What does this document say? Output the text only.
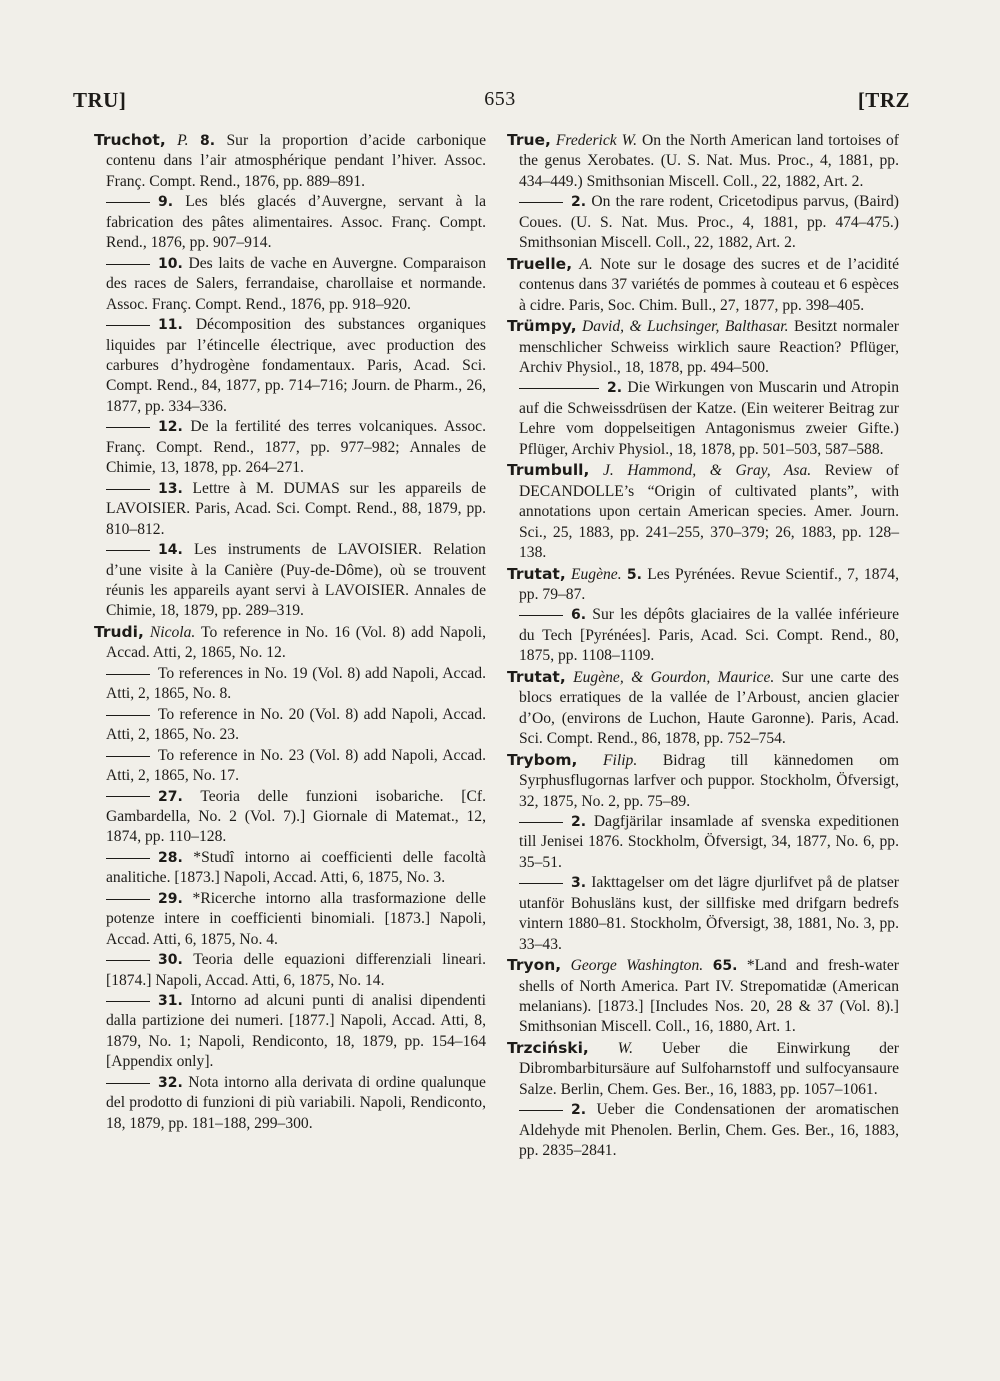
TRU]	653	[TRZ

Truchot, P. 8. Sur la proportion d’acide carbonique contenu dans l’air atmosphérique pendant l’hiver. Assoc. Franç. Compt. Rend., 1876, pp. 889–891.

9. Les blés glacés d’Auvergne, servant à la fabrication des pâtes alimentaires. Assoc. Franç. Compt. Rend., 1876, pp. 907–914.

10. Des laits de vache en Auvergne. Comparaison des races de Salers, ferrandaise, charollaise et normande. Assoc. Franç. Compt. Rend., 1876, pp. 918–920.

11. Décomposition des substances organiques liquides par l’étincelle électrique, avec production des carbures d’hydrogène fondamentaux. Paris, Acad. Sci. Compt. Rend., 84, 1877, pp. 714–716; Journ. de Pharm., 26, 1877, pp. 334–336.

12. De la fertilité des terres volcaniques. Assoc. Franç. Compt. Rend., 1877, pp. 977–982; Annales de Chimie, 13, 1878, pp. 264–271.

13. Lettre à M. DUMAS sur les appareils de LAVOISIER. Paris, Acad. Sci. Compt. Rend., 88, 1879, pp. 810–812.

14. Les instruments de LAVOISIER. Relation d’une visite à la Canière (Puy-de-Dôme), où se trouvent réunis les appareils ayant servi à LAVOISIER. Annales de Chimie, 18, 1879, pp. 289–319.

Trudi, Nicola. To reference in No. 16 (Vol. 8) add Napoli, Accad. Atti, 2, 1865, No. 12.

To references in No. 19 (Vol. 8) add Napoli, Accad. Atti, 2, 1865, No. 8.

To reference in No. 20 (Vol. 8) add Napoli, Accad. Atti, 2, 1865, No. 23.

To reference in No. 23 (Vol. 8) add Napoli, Accad. Atti, 2, 1865, No. 17.

27. Teoria delle funzioni isobariche. [Cf. Gambardella, No. 2 (Vol. 7).] Giornale di Matemat., 12, 1874, pp. 110–128.

28. *Studî intorno ai coefficienti delle facoltà analitiche. [1873.] Napoli, Accad. Atti, 6, 1875, No. 3.

29. *Ricerche intorno alla trasformazione delle potenze intere in coefficienti binomiali. [1873.] Napoli, Accad. Atti, 6, 1875, No. 4.

30. Teoria delle equazioni differenziali lineari. [1874.] Napoli, Accad. Atti, 6, 1875, No. 14.

31. Intorno ad alcuni punti di analisi dipendenti dalla partizione dei numeri. [1877.] Napoli, Accad. Atti, 8, 1879, No. 1; Napoli, Rendiconto, 18, 1879, pp. 154–164 [Appendix only].

32. Nota intorno alla derivata di ordine qualunque del prodotto di funzioni di più variabili. Napoli, Rendiconto, 18, 1879, pp. 181–188, 299–300.

True, Frederick W. On the North American land tortoises of the genus Xerobates. (U. S. Nat. Mus. Proc., 4, 1881, pp. 434–449.) Smithsonian Miscell. Coll., 22, 1882, Art. 2.

2. On the rare rodent, Cricetodipus parvus, (Baird) Coues. (U. S. Nat. Mus. Proc., 4, 1881, pp. 474–475.) Smithsonian Miscell. Coll., 22, 1882, Art. 2.

Truelle, A. Note sur le dosage des sucres et de l’acidité contenus dans 37 variétés de pommes à couteau et 6 espèces à cidre. Paris, Soc. Chim. Bull., 27, 1877, pp. 398–405.

Trümpy, David, & Luchsinger, Balthasar. Besitzt normaler menschlicher Schweiss wirklich saure Reaction? Pflüger, Archiv Physiol., 18, 1878, pp. 494–500.

2. Die Wirkungen von Muscarin und Atropin auf die Schweissdrüsen der Katze. (Ein weiterer Beitrag zur Lehre vom doppelseitigen Antagonismus zweier Gifte.) Pflüger, Archiv Physiol., 18, 1878, pp. 501–503, 587–588.

Trumbull, J. Hammond, & Gray, Asa. Review of DECANDOLLE’s “Origin of cultivated plants”, with annotations upon certain American species. Amer. Journ. Sci., 25, 1883, pp. 241–255, 370–379; 26, 1883, pp. 128–138.

Trutat, Eugène. 5. Les Pyrénées. Revue Scientif., 7, 1874, pp. 79–87.

6. Sur les dépôts glaciaires de la vallée inférieure du Tech [Pyrénées]. Paris, Acad. Sci. Compt. Rend., 80, 1875, pp. 1108–1109.

Trutat, Eugène, & Gourdon, Maurice. Sur une carte des blocs erratiques de la vallée de l’Arboust, ancien glacier d’Oo, (environs de Luchon, Haute Garonne). Paris, Acad. Sci. Compt. Rend., 86, 1878, pp. 752–754.

Trybom, Filip. Bidrag till kännedomen om Syrphusflugornas larfver och puppor. Stockholm, Öfversigt, 32, 1875, No. 2, pp. 75–89.

2. Dagfjärilar insamlade af svenska expeditionen till Jenisei 1876. Stockholm, Öfversigt, 34, 1877, No. 6, pp. 35–51.

3. Iakttagelser om det lägre djurlifvet på de platser utanför Bohusläns kust, der sillfiske med drifgarn bedrefs vintern 1880–81. Stockholm, Öfversigt, 38, 1881, No. 3, pp. 33–43.

Tryon, George Washington. 65. *Land and fresh-water shells of North America. Part IV. Strepomatidæ (American melanians). [1873.] [Includes Nos. 20, 28 & 37 (Vol. 8).] Smithsonian Miscell. Coll., 16, 1880, Art. 1.

Trzciński, W. Ueber die Einwirkung der Dibrombarbitursäure auf Sulfoharnstoff und sulfocyansaure Salze. Berlin, Chem. Ges. Ber., 16, 1883, pp. 1057–1061.

2. Ueber die Condensationen der aromatischen Aldehyde mit Phenolen. Berlin, Chem. Ges. Ber., 16, 1883, pp. 2835–2841.
